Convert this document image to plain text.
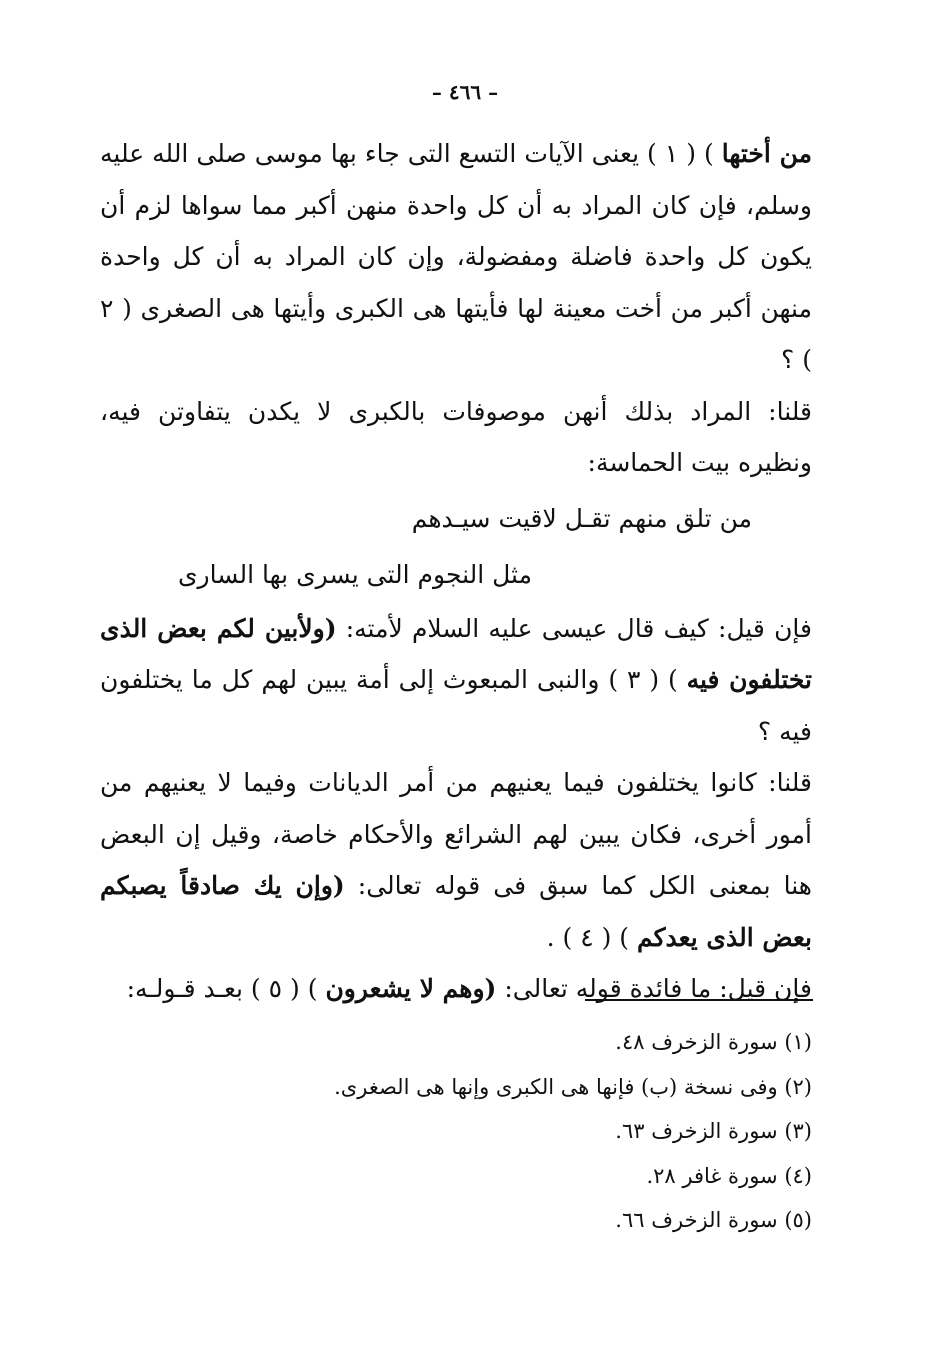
– ٤٦٦ –

من أختها ) ( ١ ) يعنى الآيات التسع التى جاء بها موسى صلى الله عليه وسلم، فإن كان المراد به أن كل واحدة منهن أكبر مما سواها لزم أن يكون كل واحدة فاضلة ومفضولة، وإن كان المراد به أن كل واحدة منهن أكبر من أخت معينة لها فأيتها هى الكبرى وأيتها هى الصغرى ( ٢ ) ؟

قلنا: المراد بذلك أنهن موصوفات بالكبرى لا يكدن يتفاوتن فيه، ونظيره بيت الحماسة:

من تلق منهم تقـل لاقيت سيـدهم
مثل النجوم التى يسرى بها السارى

فإن قيل: كيف قال عيسى عليه السلام لأمته: (ولأبين لكم بعض الذى تختلفون فيه ) ( ٣ ) والنبى المبعوث إلى أمة يبين لهم كل ما يختلفون فيه ؟

قلنا: كانوا يختلفون فيما يعنيهم من أمر الديانات وفيما لا يعنيهم من أمور أخرى، فكان يبين لهم الشرائع والأحكام خاصة، وقيل إن البعض هنا بمعنى الكل كما سبق فى قوله تعالى: (وإن يك صادقاً يصبكم بعض الذى يعدكم ) ( ٤ ) .

فإن قيل: ما فائدة قوله تعالى: (وهم لا يشعرون ) ( ٥ ) بعـد قـولـه:

(١) سورة الزخرف ٤٨.

(٢) وفى نسخة (ب) فإنها هى الكبرى وإنها هى الصغرى.

(٣) سورة الزخرف ٦٣.

(٤) سورة غافر ٢٨.

(٥) سورة الزخرف ٦٦.
